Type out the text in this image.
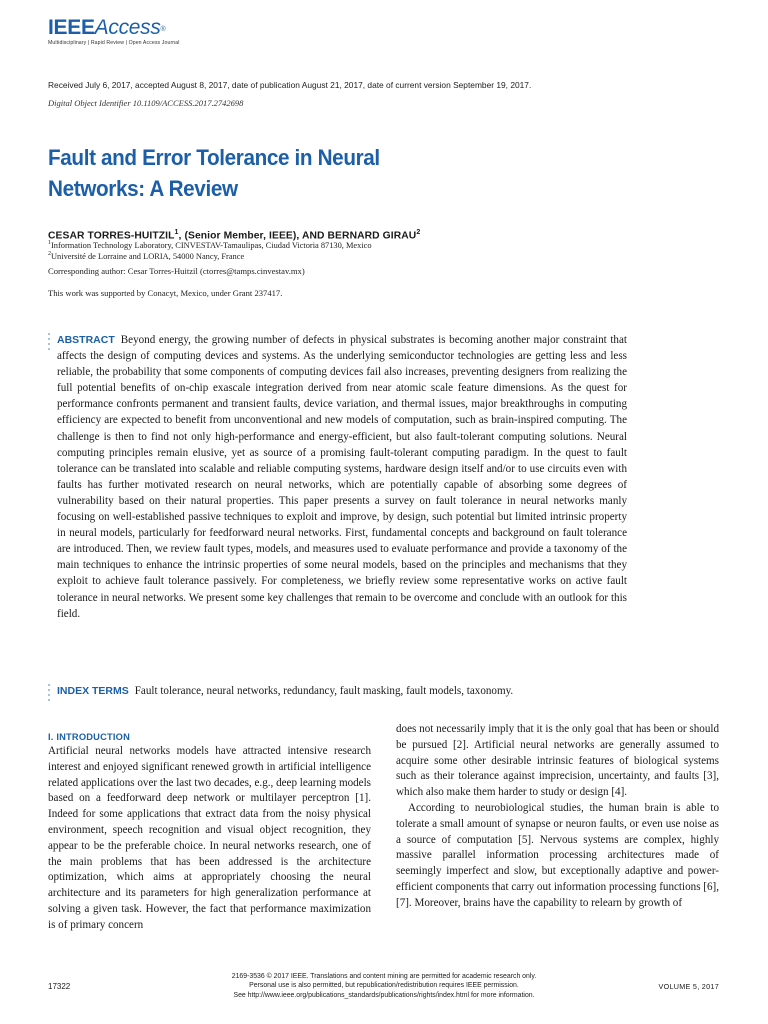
IEEEAccess®
Multidisciplinary | Rapid Review | Open Access Journal
Received July 6, 2017, accepted August 8, 2017, date of publication August 21, 2017, date of current version September 19, 2017.
Digital Object Identifier 10.1109/ACCESS.2017.2742698
Fault and Error Tolerance in Neural
Networks: A Review
CESAR TORRES-HUITZIL$^1$, (Senior Member, IEEE), AND BERNARD GIRAU$^2$
$^1$Information Technology Laboratory, CINVESTAV-Tamaulipas, Ciudad Victoria 87130, Mexico
$^2$Université de Lorraine and LORIA, 54000 Nancy, France
Corresponding author: Cesar Torres-Huitzil (ctorres@tamps.cinvestav.mx)
This work was supported by Conacyt, Mexico, under Grant 237417.
ABSTRACT Beyond energy, the growing number of defects in physical substrates is becoming another major constraint that affects the design of computing devices and systems. As the underlying semiconductor technologies are getting less and less reliable, the probability that some components of computing devices fail also increases, preventing designers from realizing the full potential benefits of on-chip exascale integration derived from near atomic scale feature dimensions. As the quest for performance confronts permanent and transient faults, device variation, and thermal issues, major breakthroughs in computing efficiency are expected to benefit from unconventional and new models of computation, such as brain-inspired computing. The challenge is then to find not only high-performance and energy-efficient, but also fault-tolerant computing solutions. Neural computing principles remain elusive, yet as source of a promising fault-tolerant computing paradigm. In the quest to fault tolerance can be translated into scalable and reliable computing systems, hardware design itself and/or to use circuits even with faults has further motivated research on neural networks, which are potentially capable of absorbing some degrees of vulnerability based on their natural properties. This paper presents a survey on fault tolerance in neural networks manly focusing on well-established passive techniques to exploit and improve, by design, such potential but limited intrinsic property in neural models, particularly for feedforward neural networks. First, fundamental concepts and background on fault tolerance are introduced. Then, we review fault types, models, and measures used to evaluate performance and provide a taxonomy of the main techniques to enhance the intrinsic properties of some neural models, based on the principles and mechanisms that they exploit to achieve fault tolerance passively. For completeness, we briefly review some representative works on active fault tolerance in neural networks. We present some key challenges that remain to be overcome and conclude with an outlook for this field.
INDEX TERMS Fault tolerance, neural networks, redundancy, fault masking, fault models, taxonomy.
I. INTRODUCTION

Artificial neural networks models have attracted intensive research interest and enjoyed significant renewed growth in artificial intelligence related applications over the last two decades, e.g., deep learning models based on a feedforward deep network or multilayer perceptron [1]. Indeed for some applications that extract data from the noisy physical environment, speech recognition and visual object recognition, they appear to be the preferable choice. In neural networks research, one of the main problems that has been addressed is the architecture optimization, which aims at appropriately choosing the neural architecture and its parameters for high generalization performance at solving a given task. However, the fact that performance maximization is of primary concern

does not necessarily imply that it is the only goal that has been or should be pursued [2]. Artificial neural networks are generally assumed to acquire some other desirable intrinsic features of biological systems such as their tolerance against imprecision, uncertainty, and faults [3], which also make them harder to study or design [4].

According to neurobiological studies, the human brain is able to tolerate a small amount of synapse or neuron faults, or even use noise as a source of computation [5]. Nervous systems are complex, highly massive parallel information processing architectures made of seemingly imperfect and slow, but exceptionally adaptive and power-efficient components that carry out information processing functions [6], [7]. Moreover, brains have the capability to relearn by growth of

17322
2169-3536 © 2017 IEEE. Translations and content mining are permitted for academic research only.
Personal use is also permitted, but republication/redistribution requires IEEE permission.
See http://www.ieee.org/publications_standards/publications/rights/index.html for more information.
VOLUME 5, 2017
